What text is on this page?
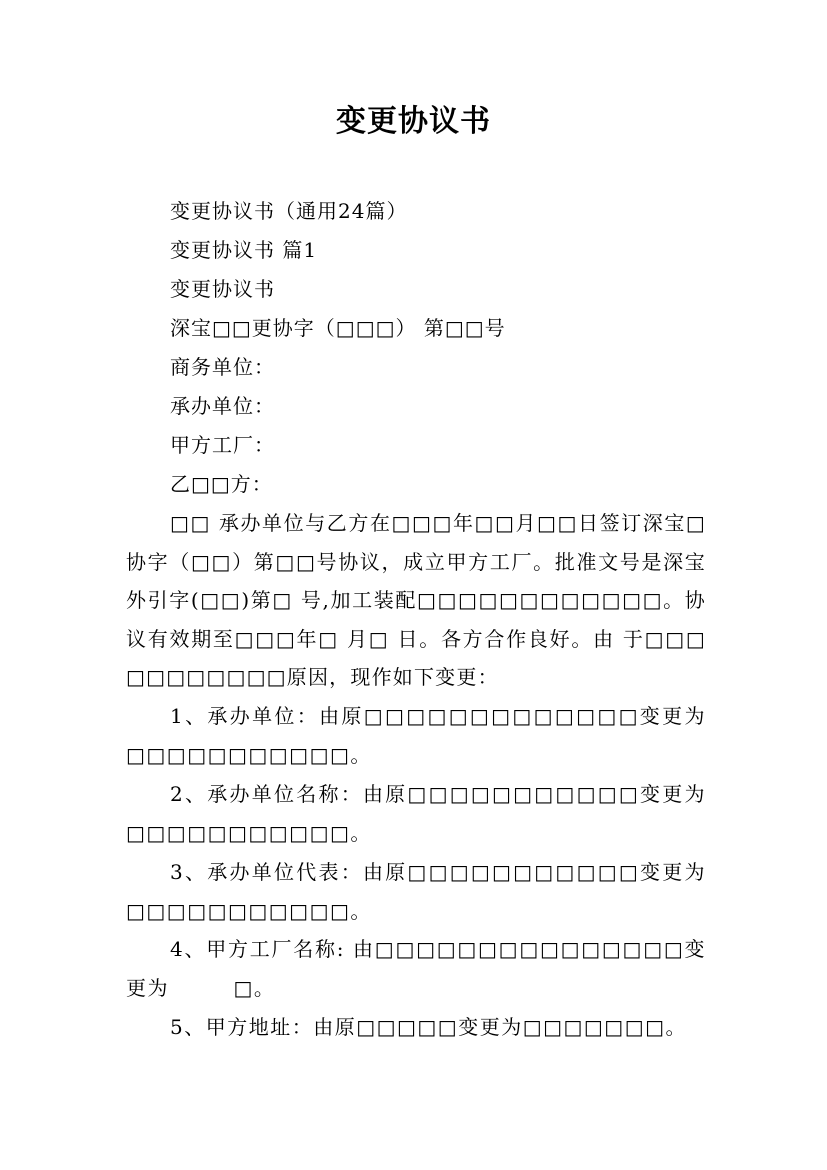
变更协议书
变更协议书（通用24篇）
变更协议书 篇1
变更协议书
深宝□□更协字（□□□） 第□□号
商务单位：
承办单位：
甲方工厂：
乙□□方：

□□ 承办单位与乙方在□□□年□□月□□日签订深宝□ 协字（□□）第□□号协议，成立甲方工厂。批准文号是深宝外引字(□□)第□ 号,加工装配□□□□□□□□□□□□。协议有效期至□□□年□ 月□ 日。各方合作良好。由 于□□□□□□□□□□□原因，现作如下变更：

1、承办单位：由原□□□□□□□□□□□□□变更为□□□□□□□□□□□。

2、承办单位名称：由原□□□□□□□□□□□变更为□□□□□□□□□□□。

3、承办单位代表：由原□□□□□□□□□□□变更为□□□□□□□□□□□。

4、甲方工厂名称: 由□□□□□□□□□□□□□□□变更为　　　□。

5、甲方地址：由原□□□□□变更为□□□□□□□。
